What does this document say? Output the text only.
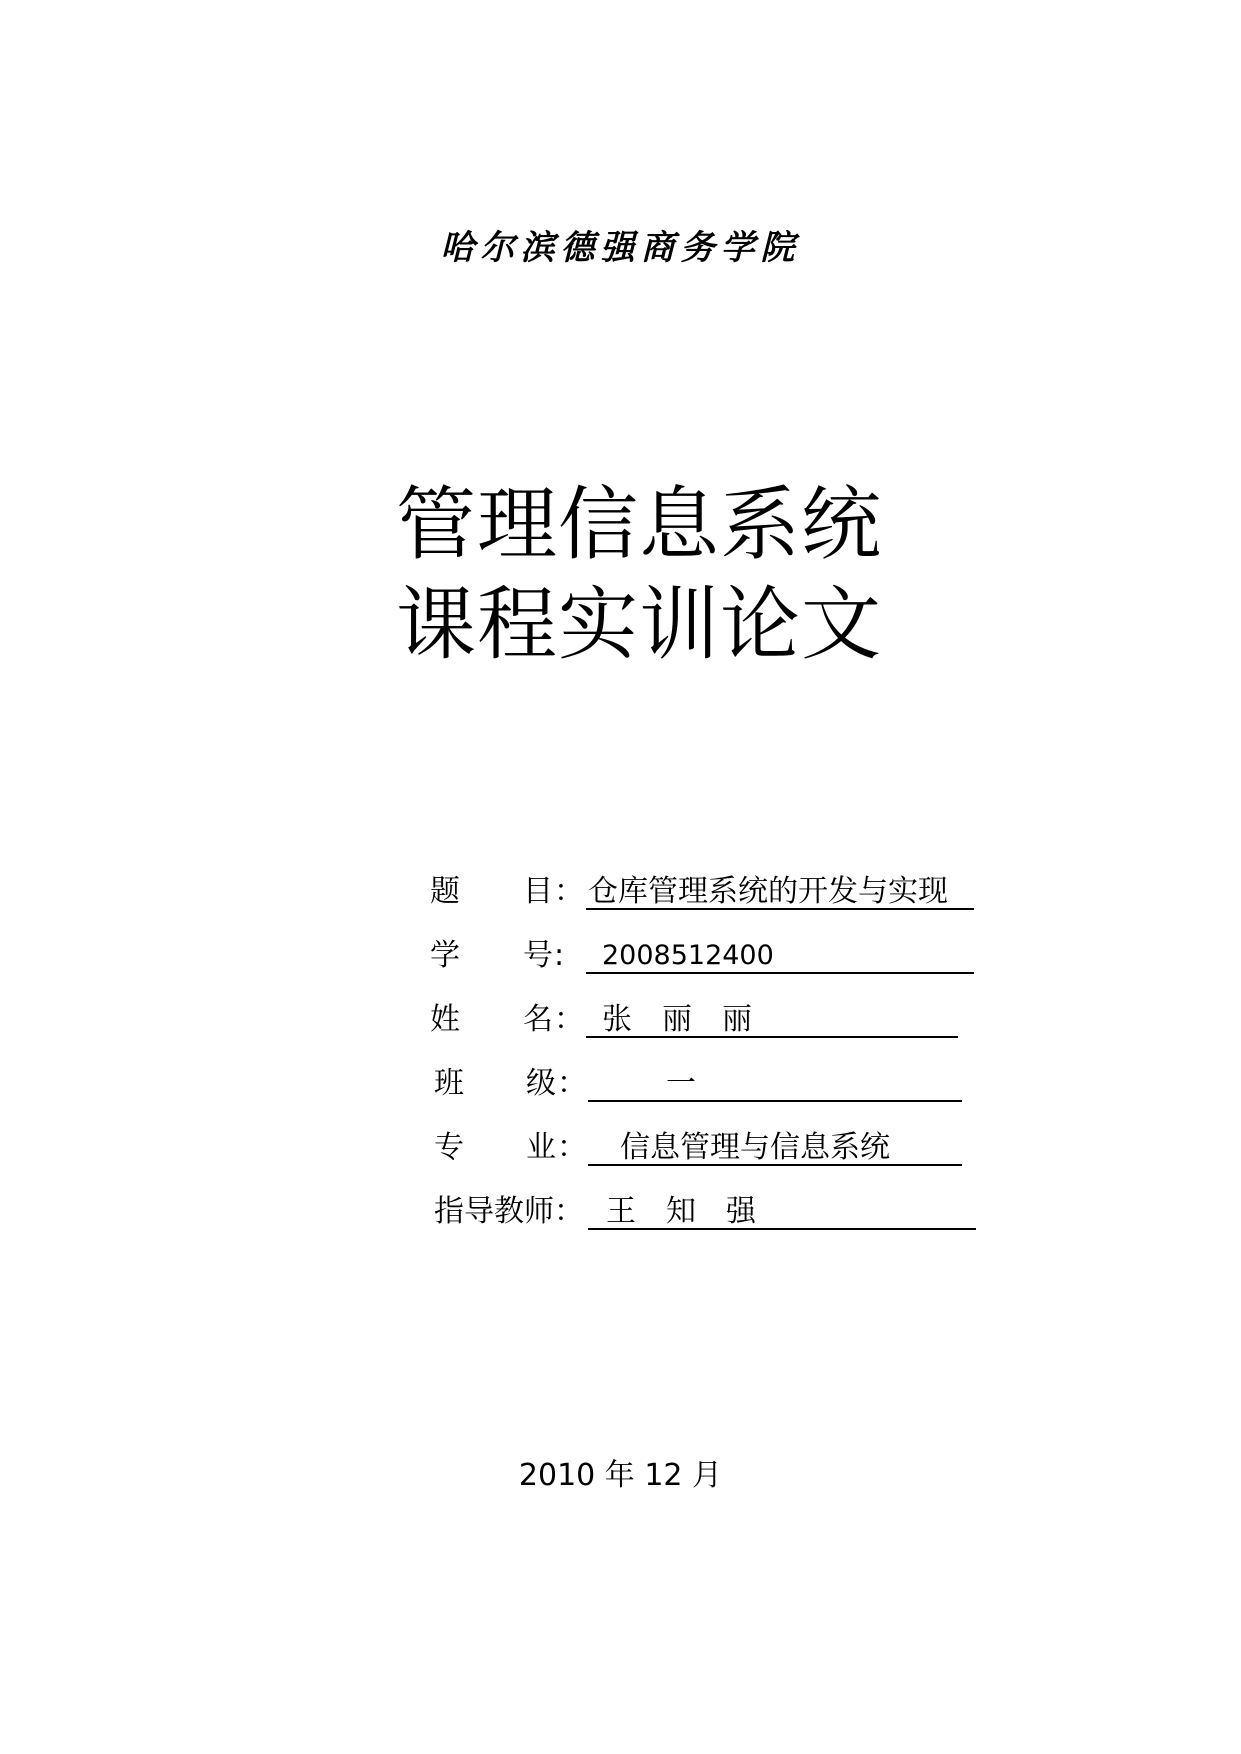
哈尔滨德强商务学院
管理信息系统
课程实训论文
题 目 ： 仓库管理系统的开发与实现
学 号 :	2008512400
姓 名 ： 张　丽　丽
班 级 ：	一
专 业 ：	信息管理与信息系统
指导教师： 王　知　强
2010 年 12 月
